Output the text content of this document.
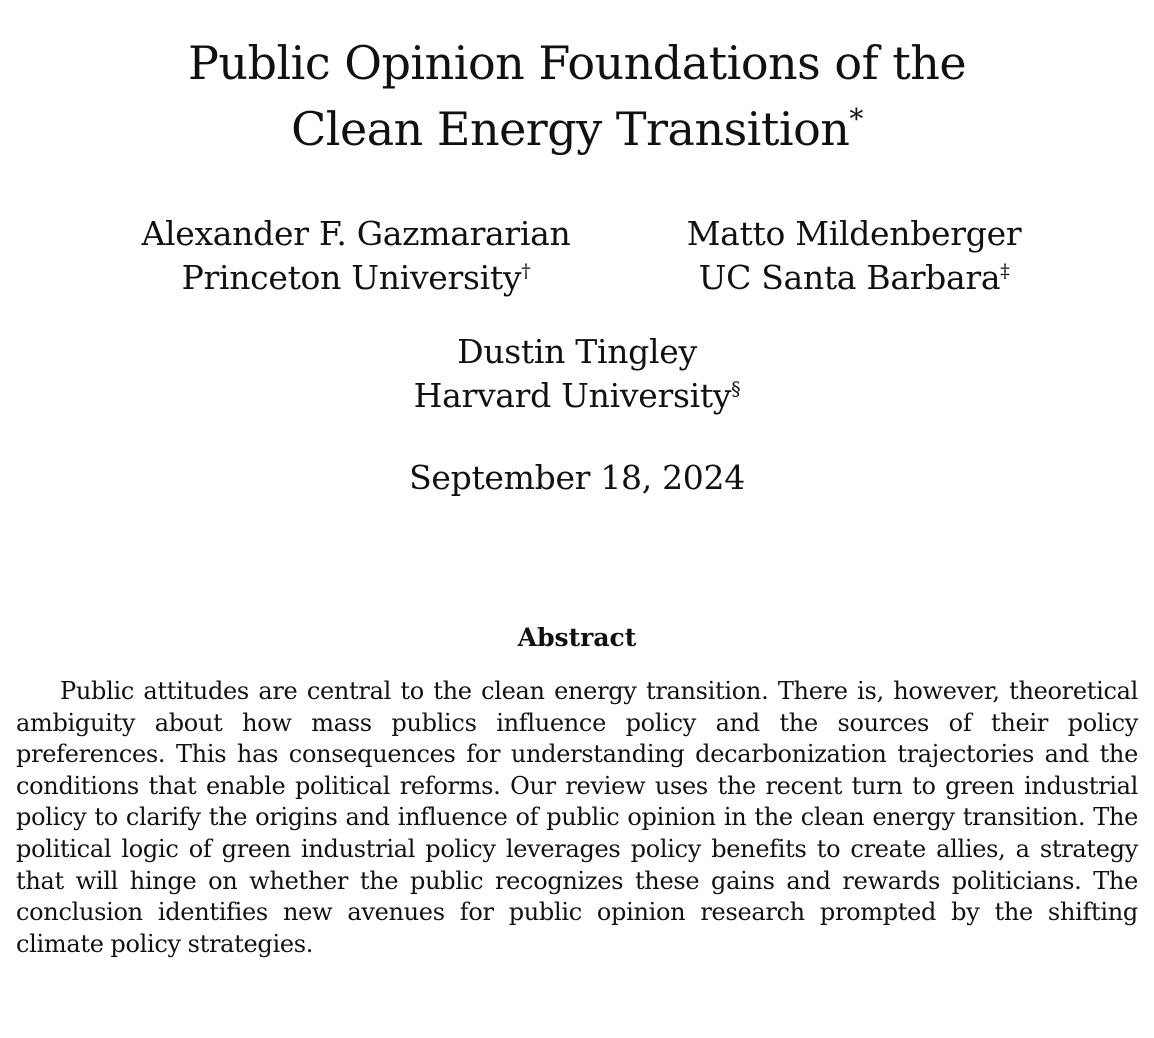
Public Opinion Foundations of the
Clean Energy Transition*
Alexander F. Gazmararian
Princeton University†
Matto Mildenberger
UC Santa Barbara‡
Dustin Tingley
Harvard University§
September 18, 2024
Abstract

Public attitudes are central to the clean energy transition. There is, however, theoretical ambiguity about how mass publics influence policy and the sources of their policy preferences. This has consequences for understanding decarbonization trajectories and the conditions that enable political reforms. Our review uses the recent turn to green industrial policy to clarify the origins and influence of public opinion in the clean energy transition. The political logic of green industrial policy leverages policy benefits to create allies, a strategy that will hinge on whether the public recognizes these gains and rewards politicians. The conclusion identifies new avenues for public opinion research prompted by the shifting climate policy strategies.
